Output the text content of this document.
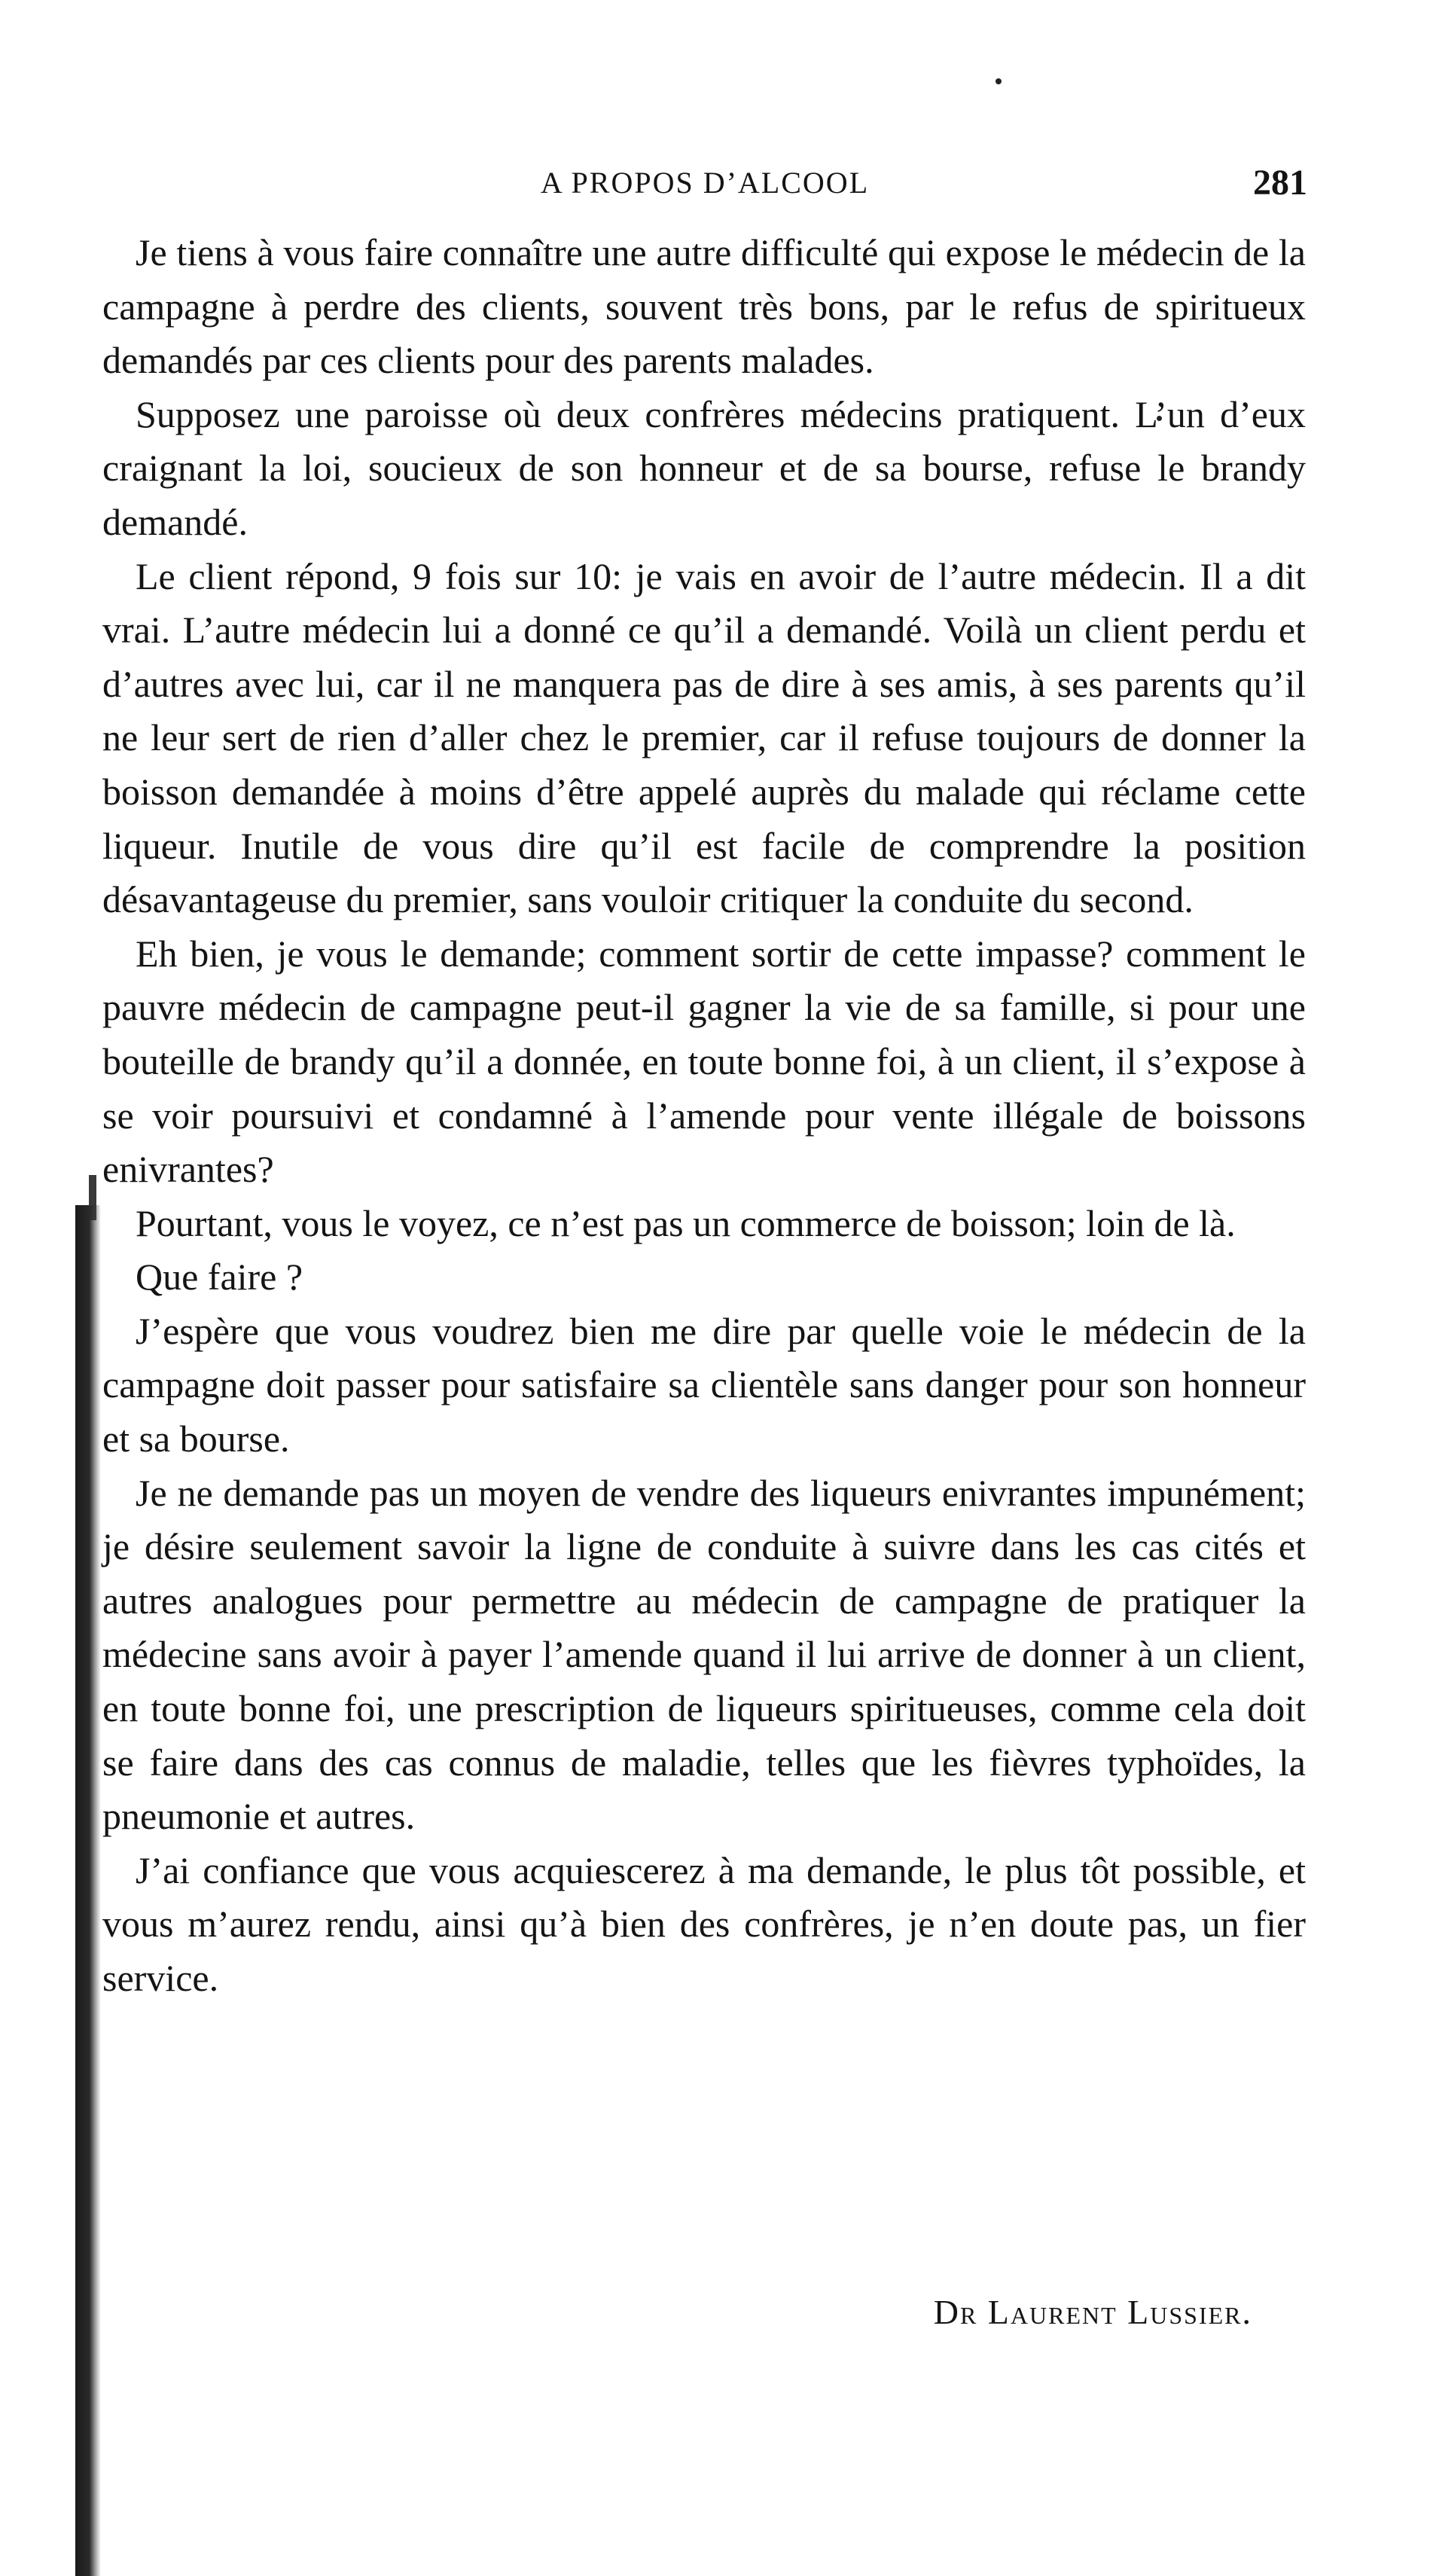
A PROPOS D’ALCOOL	281

Je tiens à vous faire connaître une autre difficulté qui expose le médecin de la campagne à perdre des clients, souvent très bons, par le refus de spiritueux demandés par ces clients pour des parents malades.

Supposez une paroisse où deux confrères médecins pratiquent. L’un d’eux craignant la loi, soucieux de son honneur et de sa bourse, refuse le brandy demandé.

Le client répond, 9 fois sur 10: je vais en avoir de l’autre médecin. Il a dit vrai. L’autre médecin lui a donné ce qu’il a demandé. Voilà un client perdu et d’autres avec lui, car il ne manquera pas de dire à ses amis, à ses parents qu’il ne leur sert de rien d’aller chez le premier, car il refuse toujours de donner la boisson demandée à moins d’être appelé auprès du malade qui réclame cette liqueur. Inutile de vous dire qu’il est facile de comprendre la position désavantageuse du premier, sans vouloir critiquer la conduite du second.

Eh bien, je vous le demande; comment sortir de cette impasse? comment le pauvre médecin de campagne peut-il gagner la vie de sa famille, si pour une bouteille de brandy qu’il a donnée, en toute bonne foi, à un client, il s’expose à se voir poursuivi et condamné à l’amende pour vente illégale de boissons enivrantes?

Pourtant, vous le voyez, ce n’est pas un commerce de boisson; loin de là.

Que faire ?

J’espère que vous voudrez bien me dire par quelle voie le médecin de la campagne doit passer pour satisfaire sa clientèle sans danger pour son honneur et sa bourse.

Je ne demande pas un moyen de vendre des liqueurs enivrantes impunément; je désire seulement savoir la ligne de conduite à suivre dans les cas cités et autres analogues pour permettre au médecin de campagne de pratiquer la médecine sans avoir à payer l’amende quand il lui arrive de donner à un client, en toute bonne foi, une prescription de liqueurs spiritueuses, comme cela doit se faire dans des cas connus de maladie, telles que les fièvres typhoïdes, la pneumonie et autres.

J’ai confiance que vous acquiescerez à ma demande, le plus tôt possible, et vous m’aurez rendu, ainsi qu’à bien des confrères, je n’en doute pas, un fier service.

Dr Laurent Lussier.
